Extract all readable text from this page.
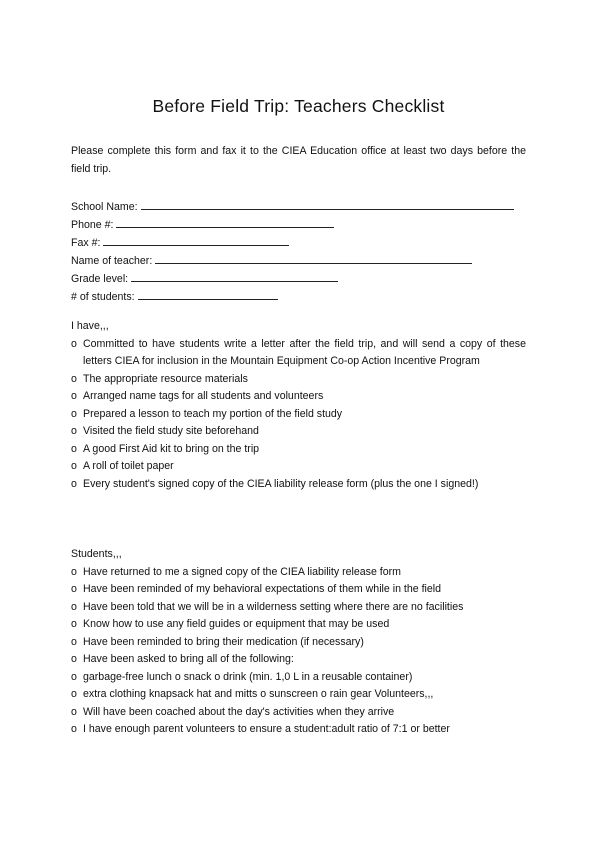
Before Field Trip: Teachers Checklist
Please complete this form and fax it to the CIEA Education office at least two days before the field trip.
School Name:
Phone #:
Fax #:
Name of teacher:
Grade level:
# of students:
I have,,,
o Committed to have students write a letter after the field trip, and will send a copy of these letters CIEA for inclusion in the Mountain Equipment Co-op Action Incentive Program
o The appropriate resource materials
o Arranged name tags for all students and volunteers
o Prepared a lesson to teach my portion of the field study
o Visited the field study site beforehand
o A good First Aid kit to bring on the trip
o A roll of toilet paper
o Every student's signed copy of the CIEA liability release form (plus the one I signed!)
Students,,,
o Have returned to me a signed copy of the CIEA liability release form
o Have been reminded of my behavioral expectations of them while in the field
o Have been told that we will be in a wilderness setting where there are no facilities
o Know how to use any field guides or equipment that may be used
o Have been reminded to bring their medication (if necessary)
o Have been asked to bring all of the following:
o garbage-free lunch o snack o drink (min. 1,0 L in a reusable container)
o extra clothing knapsack hat and mitts o sunscreen o rain gear Volunteers,,,
o Will have been coached about the day's activities when they arrive
o I have enough parent volunteers to ensure a student:adult ratio of 7:1 or better
